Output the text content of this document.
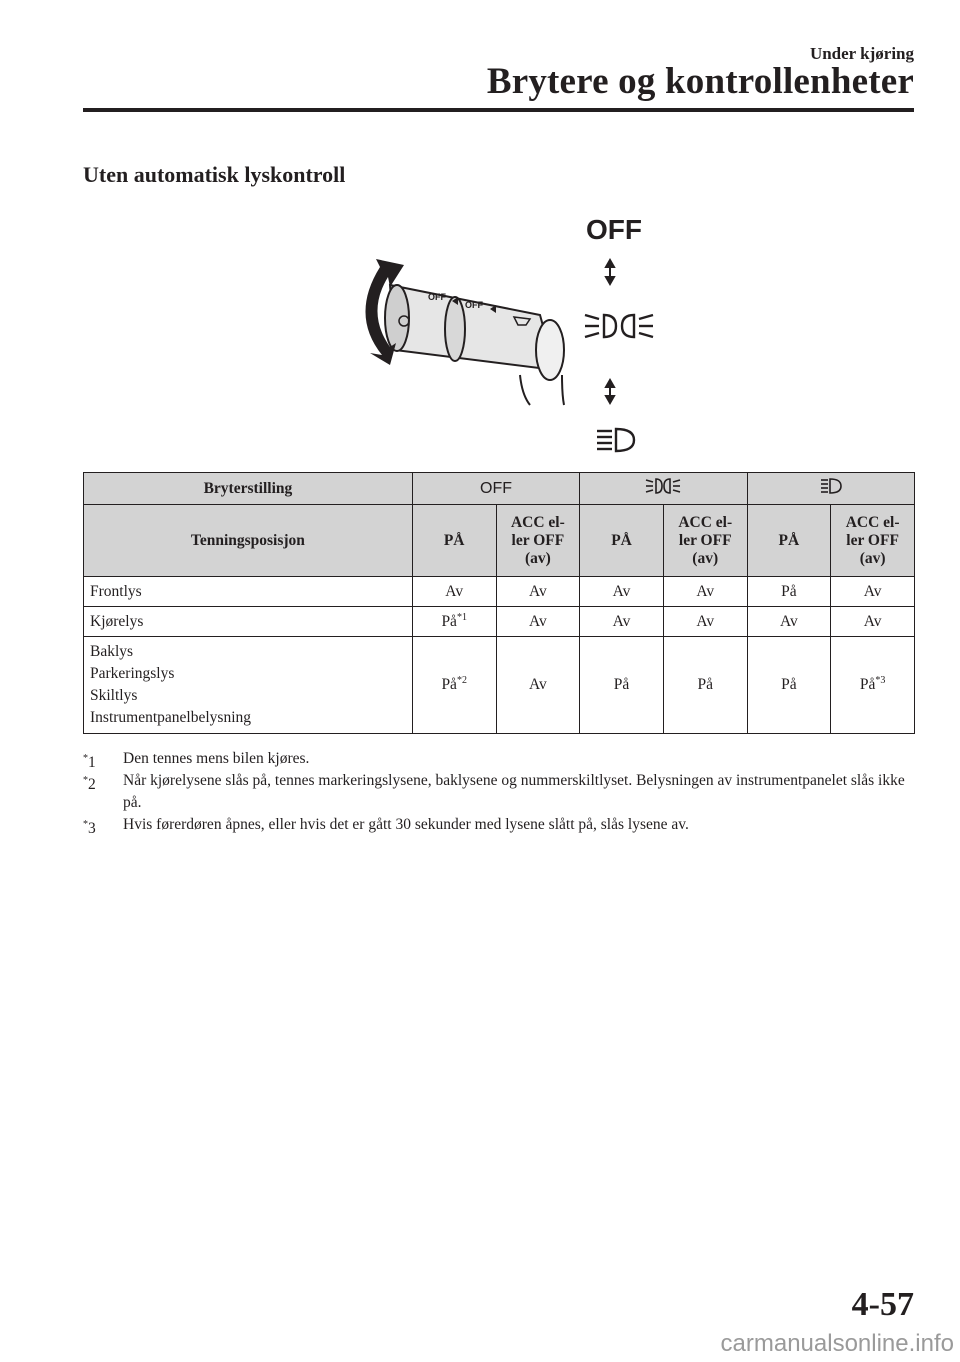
Under kjøring
Brytere og kontrollenheter
Uten automatisk lyskontroll
OFF
OFF
OFF
Bryterstilling	OFF		
Tenningsposisjon	PÅ	ACC el-
ler OFF
(av)	PÅ	ACC el-
ler OFF
(av)	PÅ	ACC el-
ler OFF
(av)
Frontlys	Av	Av	Av	Av	På	Av
Kjørelys	$På^{*1}$	Av	Av	Av	Av	Av

Baklys
Parkeringslys
Skiltlys
Instrumentpanelbelysning	$På^{*2}$	Av	På	På	På	$På^{*3}$
*1 Den tennes mens bilen kjøres.
*2 Når kjørelysene slås på, tennes markeringslysene, baklysene og nummerskiltlyset. Belysningen av instrumentpanelet slås ikke på.
*3 Hvis førerdøren åpnes, eller hvis det er gått 30 sekunder med lysene slått på, slås lysene av.
4-57
carmanualsonline.info
